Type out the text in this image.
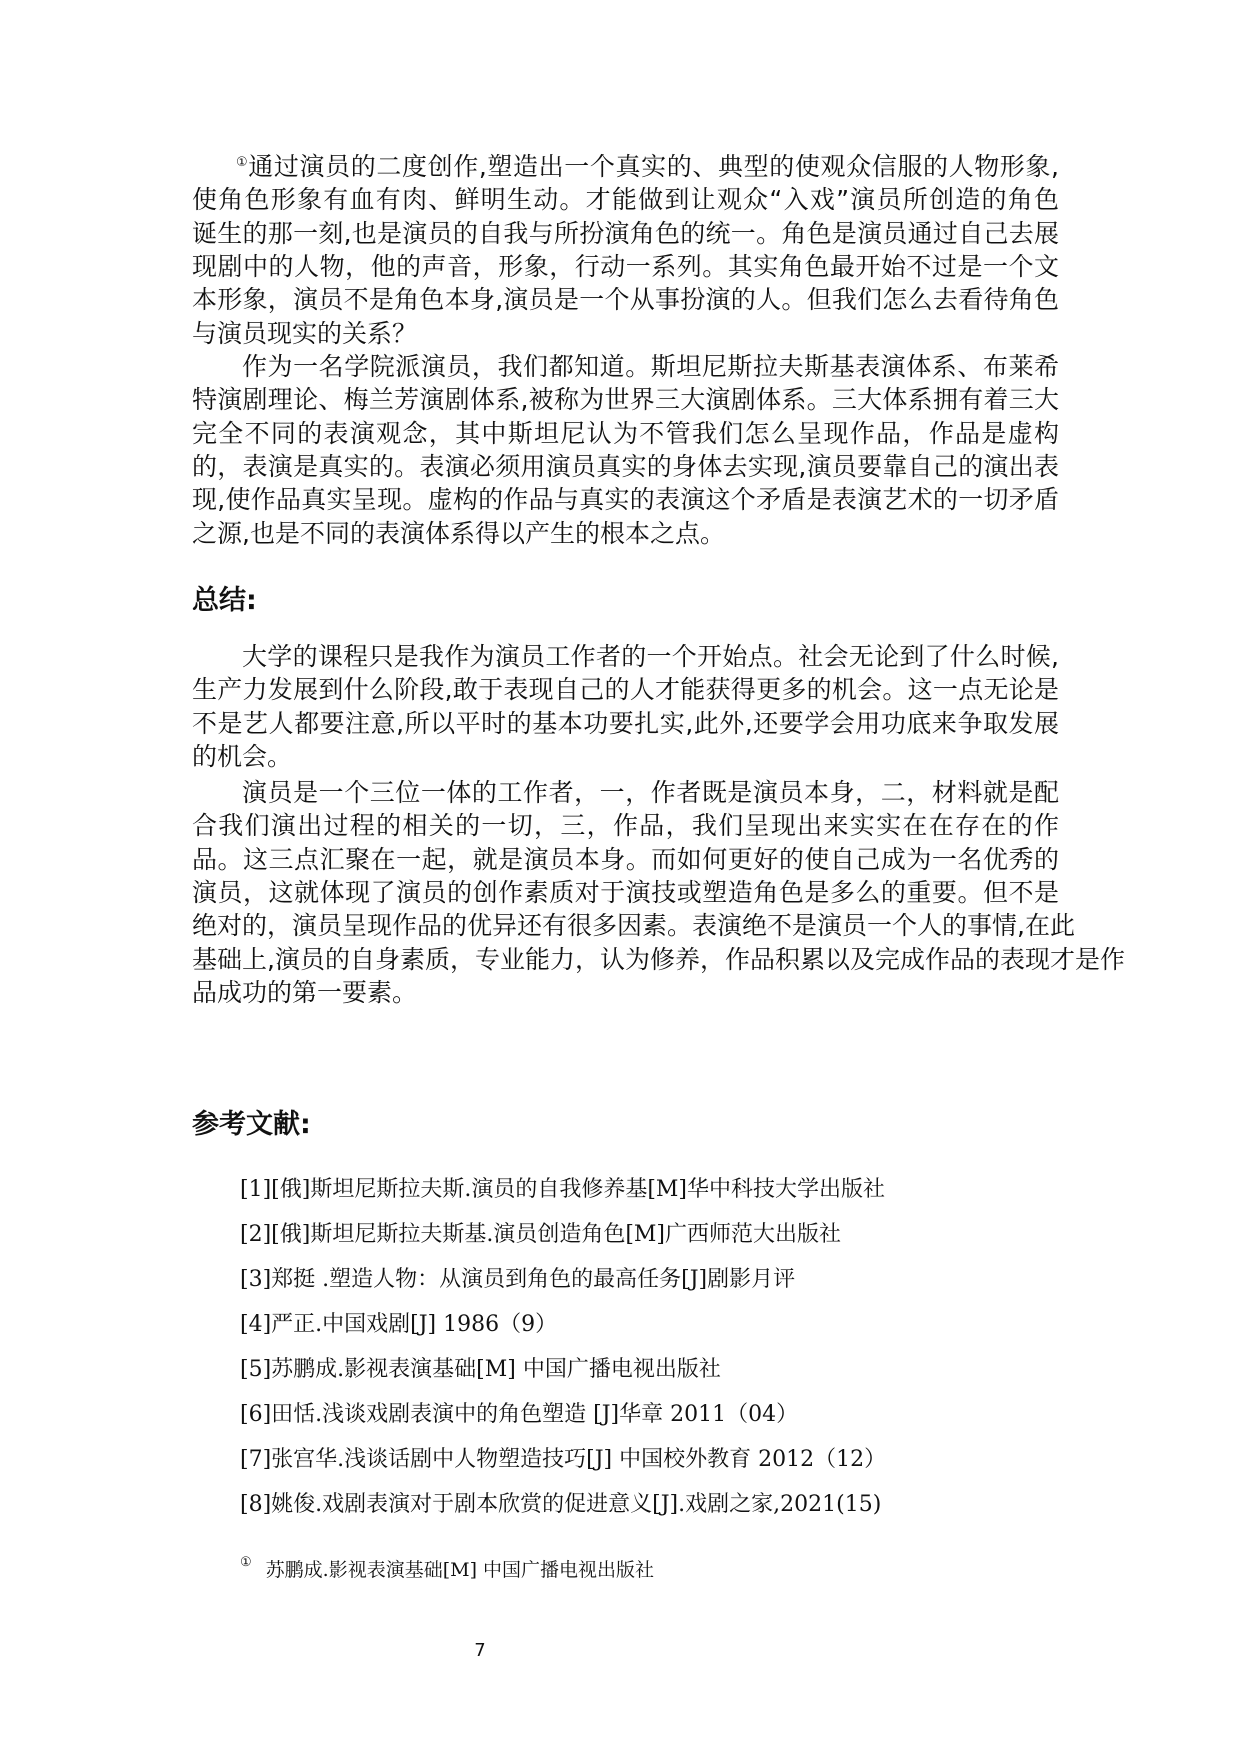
①通过演员的二度创作,塑造出一个真实的、典型的使观众信服的人物形象,
使角色形象有血有肉、鲜明生动。才能做到让观众“入戏”演员所创造的角色
诞生的那一刻,也是演员的自我与所扮演角色的统一。角色是演员通过自己去展
现剧中的人物，他的声音，形象，行动一系列。其实角色最开始不过是一个文
本形象，演员不是角色本身,演员是一个从事扮演的人。但我们怎么去看待角色
与演员现实的关系？
作为一名学院派演员，我们都知道。斯坦尼斯拉夫斯基表演体系、布莱希
特演剧理论、梅兰芳演剧体系,被称为世界三大演剧体系。三大体系拥有着三大
完全不同的表演观念，其中斯坦尼认为不管我们怎么呈现作品，作品是虚构
的，表演是真实的。表演必须用演员真实的身体去实现,演员要靠自己的演出表
现,使作品真实呈现。虚构的作品与真实的表演这个矛盾是表演艺术的一切矛盾
之源,也是不同的表演体系得以产生的根本之点。
大学的课程只是我作为演员工作者的一个开始点。社会无论到了什么时候,
生产力发展到什么阶段,敢于表现自己的人才能获得更多的机会。这一点无论是
不是艺人都要注意,所以平时的基本功要扎实,此外,还要学会用功底来争取发展
的机会。
演员是一个三位一体的工作者，一，作者既是演员本身，二，材料就是配
合我们演出过程的相关的一切，三，作品，我们呈现出来实实在在存在的作
品。这三点汇聚在一起，就是演员本身。而如何更好的使自己成为一名优秀的
演员，这就体现了演员的创作素质对于演技或塑造角色是多么的重要。但不是
绝对的，演员呈现作品的优异还有很多因素。表演绝不是演员一个人的事情,在此
基础上,演员的自身素质，专业能力，认为修养，作品积累以及完成作品的表现才是作
品成功的第一要素。
[1][俄]斯坦尼斯拉夫斯.演员的自我修养基[M]华中科技大学出版社
[2][俄]斯坦尼斯拉夫斯基.演员创造角色[M]广西师范大出版社
[3]郑挺 .塑造人物：从演员到角色的最高任务[J]剧影月评
[4]严正.中国戏剧[J] 1986（9）
[5]苏鹏成.影视表演基础[M] 中国广播电视出版社
[6]田恬.浅谈戏剧表演中的角色塑造 [J]华章 2011（04）
[7]张宫华.浅谈话剧中人物塑造技巧[J] 中国校外教育 2012（12）
[8]姚俊.戏剧表演对于剧本欣赏的促进意义[J].戏剧之家,2021(15)
总结:
参考文献:
① 苏鹏成.影视表演基础[M] 中国广播电视出版社
7
